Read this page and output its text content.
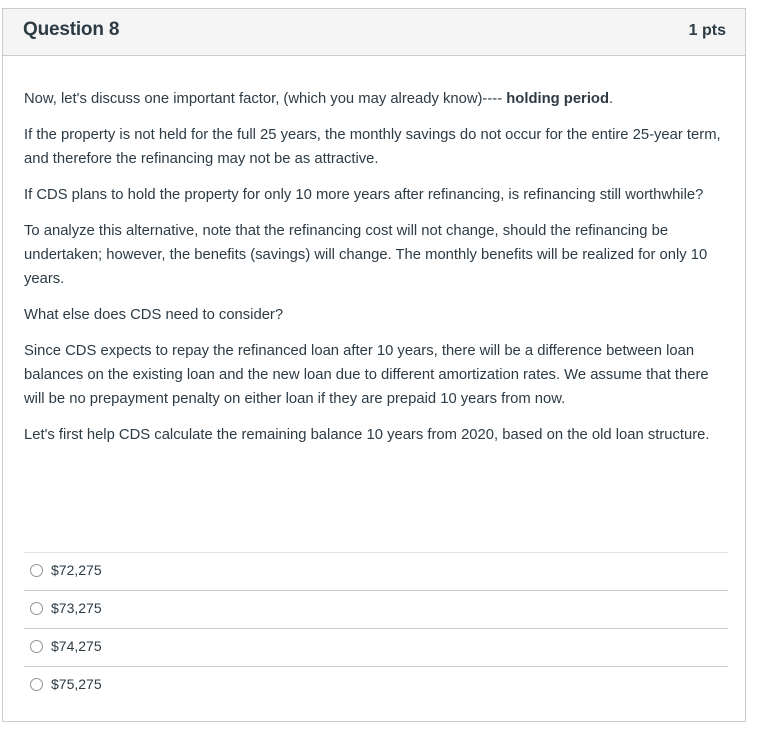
Question 8	1 pts

Now, let's discuss one important factor, (which you may already know)---- holding period.

If the property is not held for the full 25 years, the monthly savings do not occur for the entire 25-year term, and therefore the refinancing may not be as attractive.

If CDS plans to hold the property for only 10 more years after refinancing, is refinancing still worthwhile?

To analyze this alternative, note that the refinancing cost will not change, should the refinancing be undertaken; however, the benefits (savings) will change. The monthly benefits will be realized for only 10 years.

What else does CDS need to consider?

Since CDS expects to repay the refinanced loan after 10 years, there will be a difference between loan balances on the existing loan and the new loan due to different amortization rates. We assume that there will be no prepayment penalty on either loan if they are prepaid 10 years from now.

Let's first help CDS calculate the remaining balance 10 years from 2020, based on the old loan structure.

$72,275
$73,275
$74,275
$75,275
